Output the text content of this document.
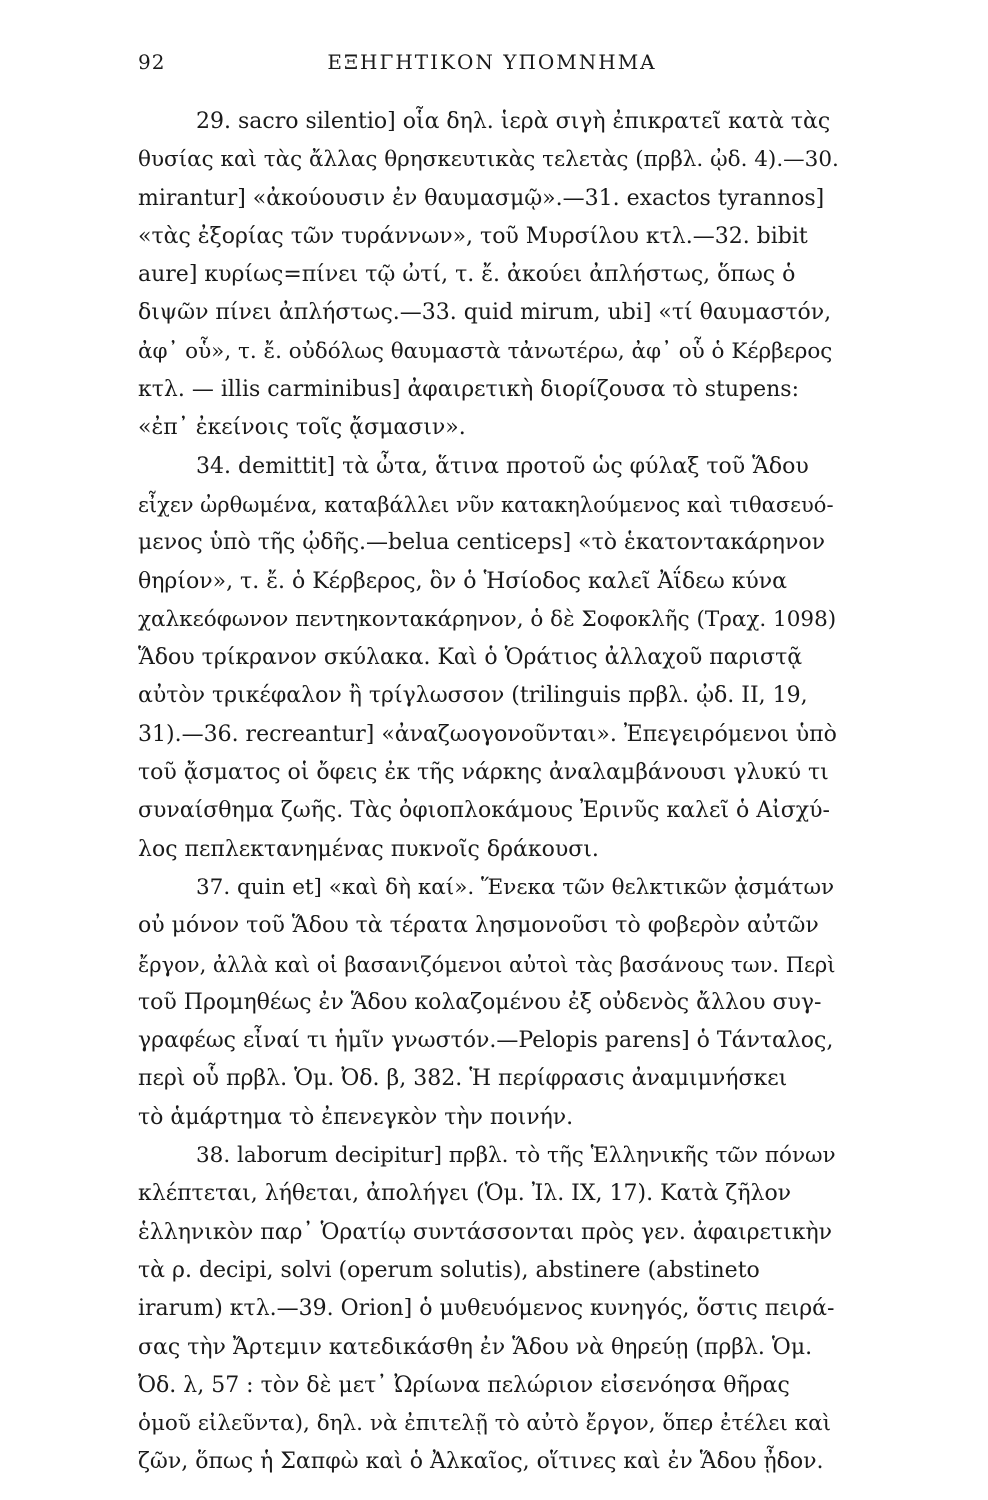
92	ΕΞΗΓΗΤΙΚΟΝ ΥΠΟΜΝΗΜΑ
29. sacro silentio] οἷα δηλ. ἱερὰ σιγὴ ἐπικρατεῖ κατὰ τὰς
θυσίας καὶ τὰς ἄλλας θρησκευτικὰς τελετὰς (πρβλ. ᾠδ. 4).—30.
mirantur] «ἀκούουσιν ἐν θαυμασμῷ».—31. exactos tyrannos]
«τὰς ἐξορίας τῶν τυράννων», τοῦ Μυρσίλου κτλ.—32. bibit
aure] κυρίως=πίνει τῷ ὠτί, τ. ἔ. ἀκούει ἀπλήστως, ὅπως ὁ
διψῶν πίνει ἀπλήστως.—33. quid mirum, ubi] «τί θαυμαστόν,
ἀφ᾽ οὗ», τ. ἔ. οὐδόλως θαυμαστὰ τἀνωτέρω, ἀφ᾽ οὗ ὁ Κέρβερος
κτλ. — illis carminibus] ἀφαιρετικὴ διορίζουσα τὸ stupens:
«ἐπ᾽ ἐκείνοις τοῖς ᾄσμασιν».
34. demittit] τὰ ὦτα, ἅτινα προτοῦ ὡς φύλαξ τοῦ Ἅδου
εἶχεν ὠρθωμένα, καταβάλλει νῦν κατακηλούμενος καὶ τιθασευό-
μενος ὑπὸ τῆς ᾠδῆς.—belua centiceps] «τὸ ἑκατοντακάρηνον
θηρίον», τ. ἔ. ὁ Κέρβερος, ὃν ὁ Ἡσίοδος καλεῖ Ἀΐδεω κύνα
χαλκεόφωνον πεντηκοντακάρηνον, ὁ δὲ Σοφοκλῆς (Τραχ. 1098)
Ἅδου τρίκρανον σκύλακα. Καὶ ὁ Ὁράτιος ἀλλαχοῦ παριστᾷ
αὐτὸν τρικέφαλον ἢ τρίγλωσσον (trilinguis πρβλ. ᾠδ. II, 19,
31).—36. recreantur] «ἀναζωογονοῦνται». Ἐπεγειρόμενοι ὑπὸ
τοῦ ᾄσματος οἱ ὄφεις ἐκ τῆς νάρκης ἀναλαμβάνουσι γλυκύ τι
συναίσθημα ζωῆς. Τὰς ὀφιοπλοκάμους Ἐρινῦς καλεῖ ὁ Αἰσχύ-
λος πεπλεκτανημένας πυκνοῖς δράκουσι.
37. quin et] «καὶ δὴ καί». Ἕνεκα τῶν θελκτικῶν ᾀσμάτων
οὐ μόνον τοῦ Ἅδου τὰ τέρατα λησμονοῦσι τὸ φοβερὸν αὐτῶν
ἔργον, ἀλλὰ καὶ οἱ βασανιζόμενοι αὐτοὶ τὰς βασάνους των. Περὶ
τοῦ Προμηθέως ἐν Ἅδου κολαζομένου ἐξ οὐδενὸς ἄλλου συγ-
γραφέως εἶναί τι ἡμῖν γνωστόν.—Pelopis parens] ὁ Τάνταλος,
περὶ οὗ πρβλ. Ὁμ. Ὀδ. β, 382. Ἡ περίφρασις ἀναμιμνήσκει
τὸ ἁμάρτημα τὸ ἐπενεγκὸν τὴν ποινήν.
38. laborum decipitur] πρβλ. τὸ τῆς Ἑλληνικῆς τῶν πόνων
κλέπτεται, λήθεται, ἀπολήγει (Ὁμ. Ἰλ. IX, 17). Κατὰ ζῆλον
ἑλληνικὸν παρ᾽ Ὁρατίῳ συντάσσονται πρὸς γεν. ἀφαιρετικὴν
τὰ ρ. decipi, solvi (operum solutis), abstinere (abstineto
irarum) κτλ.—39. Orion] ὁ μυθευόμενος κυνηγός, ὅστις πειρά-
σας τὴν Ἄρτεμιν κατεδικάσθη ἐν Ἅδου νὰ θηρεύῃ (πρβλ. Ὁμ.
Ὀδ. λ, 57 : τὸν δὲ μετ᾽ Ὠρίωνα πελώριον εἰσενόησα θῆρας
ὁμοῦ εἰλεῦντα), δηλ. νὰ ἐπιτελῇ τὸ αὐτὸ ἔργον, ὅπερ ἐτέλει καὶ
ζῶν, ὅπως ἡ Σαπφὼ καὶ ὁ Ἀλκαῖος, οἵτινες καὶ ἐν Ἅδου ᾖδον.
